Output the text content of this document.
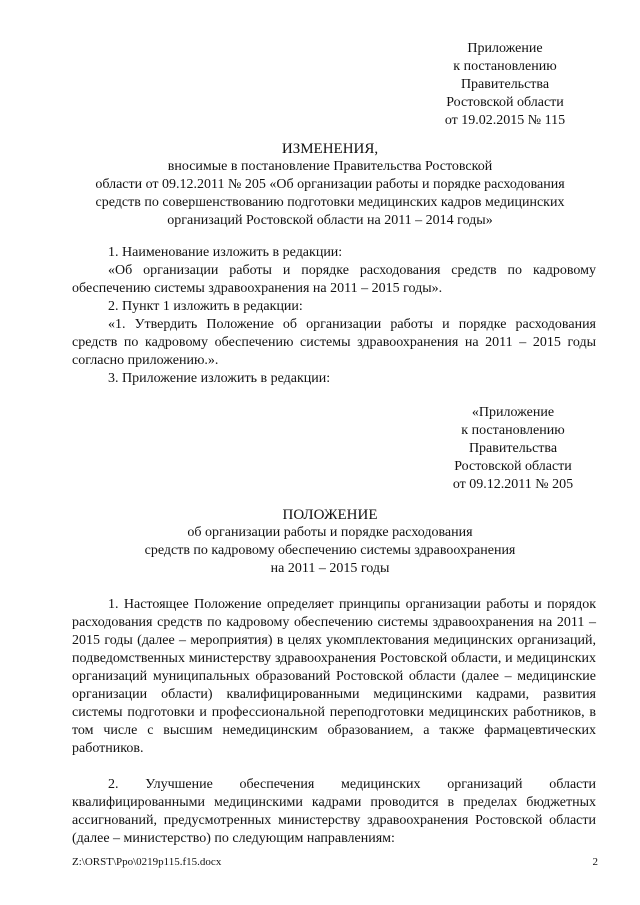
Приложение
к постановлению
Правительства
Ростовской области
от 19.02.2015 № 115
ИЗМЕНЕНИЯ,
вносимые в постановление Правительства Ростовской
области от 09.12.2011 № 205 «Об организации работы и порядке расходования
средств по совершенствованию подготовки медицинских кадров медицинских
организаций Ростовской области на 2011 – 2014 годы»
1. Наименование изложить в редакции:
«Об организации работы и порядке расходования средств по кадровому обеспечению системы здравоохранения на 2011 – 2015 годы».
2. Пункт 1 изложить в редакции:
«1. Утвердить Положение об организации работы и порядке расходования средств по кадровому обеспечению системы здравоохранения на 2011 – 2015 годы согласно приложению.».
3. Приложение изложить в редакции:
«Приложение
к постановлению
Правительства
Ростовской области
от 09.12.2011 № 205
ПОЛОЖЕНИЕ
об организации работы и порядке расходования
средств по кадровому обеспечению системы здравоохранения
на 2011 – 2015 годы
1. Настоящее Положение определяет принципы организации работы и порядок расходования средств по кадровому обеспечению системы здравоохранения на 2011 – 2015 годы (далее – мероприятия) в целях укомплектования медицинских организаций, подведомственных министерству здравоохранения Ростовской области, и медицинских организаций муниципальных образований Ростовской области (далее – медицинские организации области) квалифицированными медицинскими кадрами, развития системы подготовки и профессиональной переподготовки медицинских работников, в том числе с высшим немедицинским образованием, а также фармацевтических работников.
2. Улучшение обеспечения медицинских организаций области квалифицированными медицинскими кадрами проводится в пределах бюджетных ассигнований, предусмотренных министерству здравоохранения Ростовской области (далее – министерство) по следующим направлениям:
Z:\ORST\Ppo\0219p115.f15.docx	2
